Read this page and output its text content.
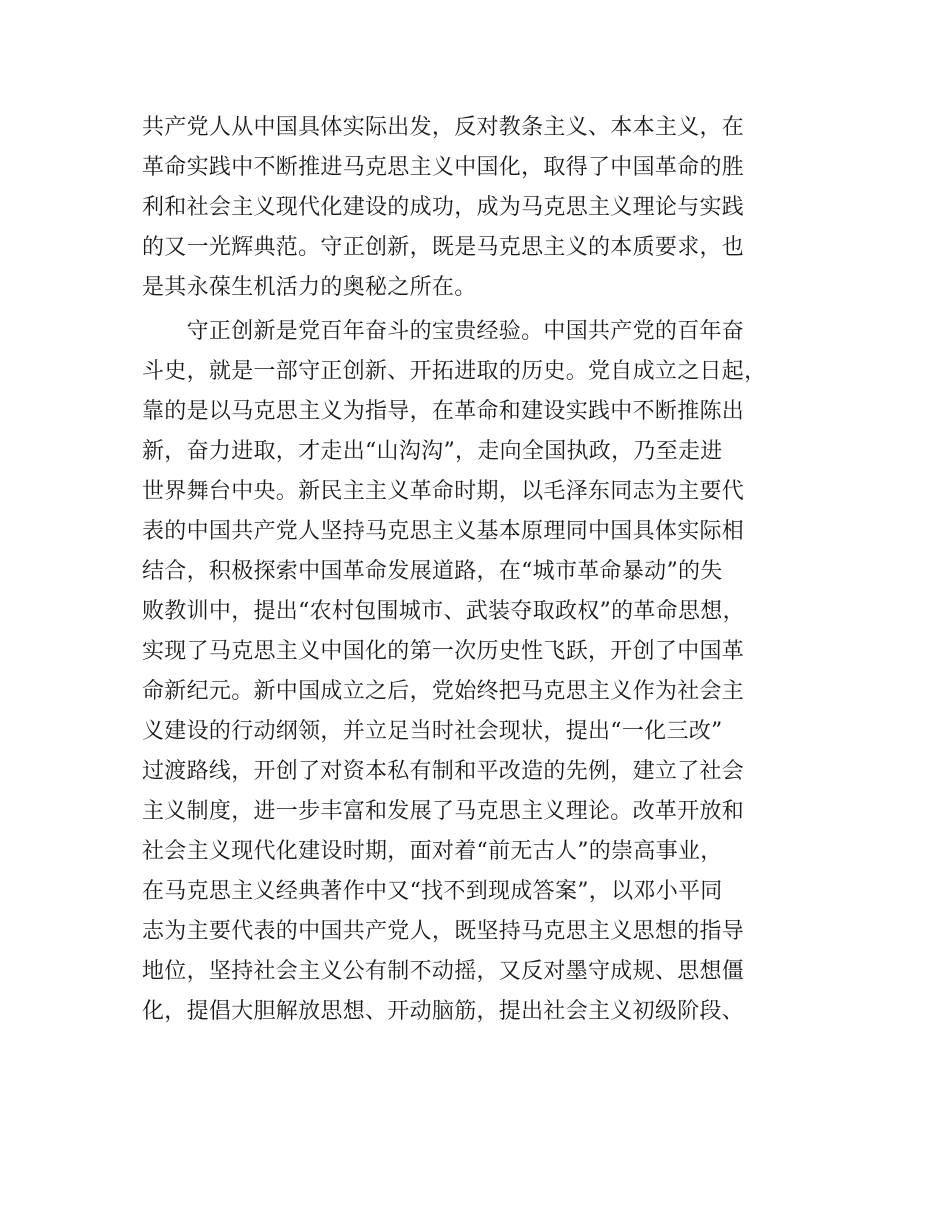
共产党人从中国具体实际出发，反对教条主义、本本主义，在
革命实践中不断推进马克思主义中国化，取得了中国革命的胜
利和社会主义现代化建设的成功，成为马克思主义理论与实践
的又一光辉典范。守正创新，既是马克思主义的本质要求，也
是其永葆生机活力的奥秘之所在。
　　守正创新是党百年奋斗的宝贵经验。中国共产党的百年奋
斗史，就是一部守正创新、开拓进取的历史。党自成立之日起，
靠的是以马克思主义为指导，在革命和建设实践中不断推陈出
新，奋力进取，才走出“山沟沟”，走向全国执政，乃至走进
世界舞台中央。新民主主义革命时期，以毛泽东同志为主要代
表的中国共产党人坚持马克思主义基本原理同中国具体实际相
结合，积极探索中国革命发展道路，在“城市革命暴动”的失
败教训中，提出“农村包围城市、武装夺取政权”的革命思想，
实现了马克思主义中国化的第一次历史性飞跃，开创了中国革
命新纪元。新中国成立之后，党始终把马克思主义作为社会主
义建设的行动纲领，并立足当时社会现状，提出“一化三改”
过渡路线，开创了对资本私有制和平改造的先例，建立了社会
主义制度，进一步丰富和发展了马克思主义理论。改革开放和
社会主义现代化建设时期，面对着“前无古人”的崇高事业，
在马克思主义经典著作中又“找不到现成答案”，以邓小平同
志为主要代表的中国共产党人，既坚持马克思主义思想的指导
地位，坚持社会主义公有制不动摇，又反对墨守成规、思想僵
化，提倡大胆解放思想、开动脑筋，提出社会主义初级阶段、
